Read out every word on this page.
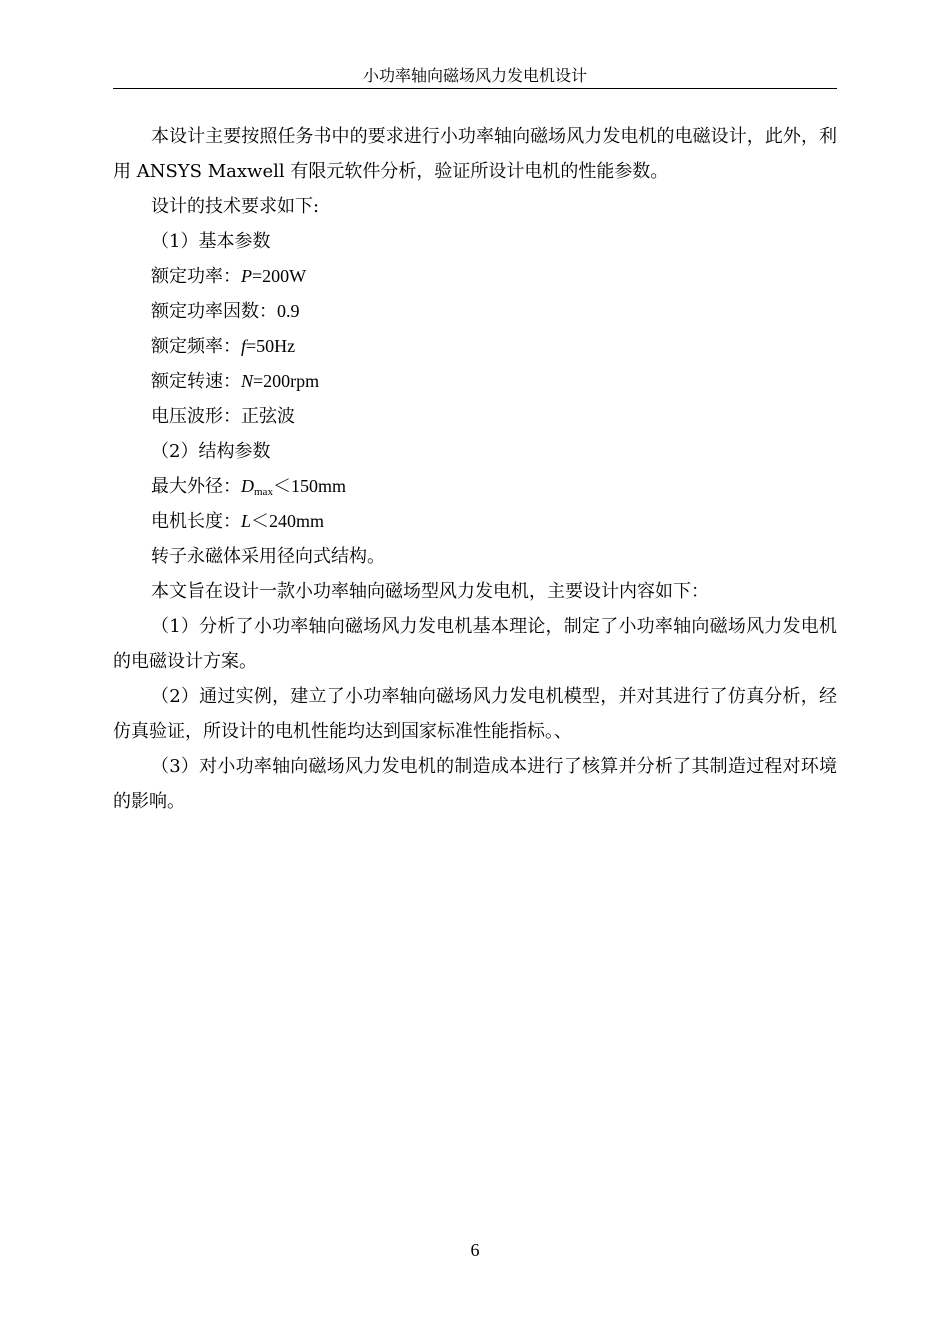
小功率轴向磁场风力发电机设计

本设计主要按照任务书中的要求进行小功率轴向磁场风力发电机的电磁设计，此外，利用 ANSYS Maxwell 有限元软件分析，验证所设计电机的性能参数。

设计的技术要求如下:

（1）基本参数

额定功率：P=200W

额定功率因数：0.9

额定频率：f=50Hz

额定转速：N=200rpm

电压波形：正弦波

（2）结构参数

最大外径：$D_{max}<150mm$

电机长度：L＜240mm

转子永磁体采用径向式结构。

本文旨在设计一款小功率轴向磁场型风力发电机，主要设计内容如下：

（1）分析了小功率轴向磁场风力发电机基本理论，制定了小功率轴向磁场风力发电机的电磁设计方案。

（2）通过实例，建立了小功率轴向磁场风力发电机模型，并对其进行了仿真分析，经仿真验证，所设计的电机性能均达到国家标准性能指标。、

（3）对小功率轴向磁场风力发电机的制造成本进行了核算并分析了其制造过程对环境的影响。

6
